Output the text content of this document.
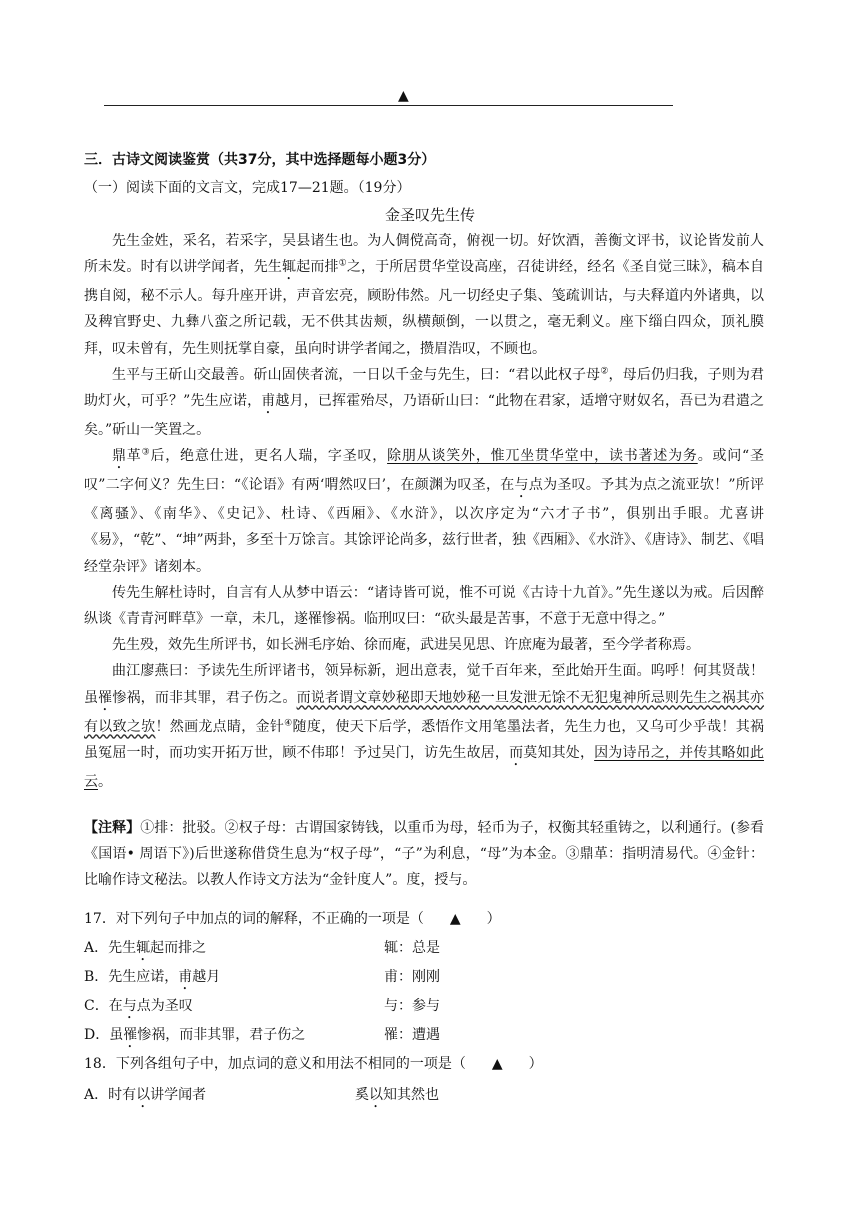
▲
三．古诗文阅读鉴赏（共37分，其中选择题每小题3分）
（一）阅读下面的文言文，完成17—21题。（19分）
金圣叹先生传

先生金姓，采名，若采字，吴县诸生也。为人倜傥高奇，俯视一切。好饮酒，善衡文评书，议论皆发前人所未发。时有以讲学闻者，先生辄起而排①之，于所居贯华堂设高座，召徒讲经，经名《圣自觉三昧》，稿本自携自阅，秘不示人。每升座开讲，声音宏亮，顾盼伟然。凡一切经史子集、笺疏训诂，与夫释道内外诸典，以及稗官野史、九彝八蛮之所记载，无不供其齿颊，纵横颠倒，一以贯之，毫无剩义。座下缁白四众，顶礼膜拜，叹未曾有，先生则抚掌自豪，虽向时讲学者闻之，攒眉浩叹，不顾也。

生平与王斫山交最善。斫山固侠者流，一日以千金与先生，曰：“君以此权子母②，母后仍归我，子则为君助灯火，可乎？”先生应诺，甫越月，已挥霍殆尽，乃语斫山曰：“此物在君家，适增守财奴名，吾已为君遣之矣。”斫山一笑置之。

鼎革③后，绝意仕进，更名人瑞，字圣叹，除朋从谈笑外，惟兀坐贯华堂中，读书著述为务。或问“圣叹”二字何义？先生曰：“《论语》有两‘喟然叹曰’，在颜渊为叹圣，在与点为圣叹。予其为点之流亚欤！”所评《离骚》、《南华》、《史记》、杜诗、《西厢》、《水浒》，以次序定为“六才子书”，俱别出手眼。尤喜讲《易》，“乾”、“坤”两卦，多至十万馀言。其馀评论尚多，兹行世者，独《西厢》、《水浒》、《唐诗》、制艺、《唱经堂杂评》诸刻本。

传先生解杜诗时，自言有人从梦中语云：“诸诗皆可说，惟不可说《古诗十九首》。”先生遂以为戒。后因醉纵谈《青青河畔草》一章，未几，遂罹惨祸。临刑叹曰：“砍头最是苦事，不意于无意中得之。”

先生殁，效先生所评书，如长洲毛序始、徐而庵，武进吴见思、许庶庵为最著，至今学者称焉。

曲江廖燕曰：予读先生所评诸书，领异标新，迥出意表，觉千百年来，至此始开生面。呜呼！何其贤哉！虽罹惨祸，而非其罪，君子伤之。而说者谓文章妙秘即天地妙秘一旦发泄无馀不无犯鬼神所忌则先生之祸其亦有以致之欤！然画龙点睛，金针④随度，使天下后学，悉悟作文用笔墨法者，先生力也，又乌可少乎哉！其祸虽冤屈一时，而功实开拓万世，顾不伟耶！予过吴门，访先生故居，而莫知其处，因为诗吊之，并传其略如此云。

【注释】①排：批驳。②权子母：古谓国家铸钱，以重币为母，轻币为子，权衡其轻重铸之，以利通行。(参看《国语• 周语下》)后世遂称借贷生息为“权子母”，“子”为利息，“母”为本金。③鼎革：指明清易代。④金针：比喻作诗文秘法。以教人作诗文方法为“金针度人”。度，授与。
17．对下列句子中加点的词的解释，不正确的一项是（ ▲ ）
A．先生辄起而排之	辄：总是
B．先生应诺，甫越月	甫：刚刚
C．在与点为圣叹	与：参与
D．虽罹惨祸，而非其罪，君子伤之	罹：遭遇
18．下列各组句子中，加点词的意义和用法不相同的一项是（ ▲ ）
A．时有以讲学闻者	奚以知其然也
